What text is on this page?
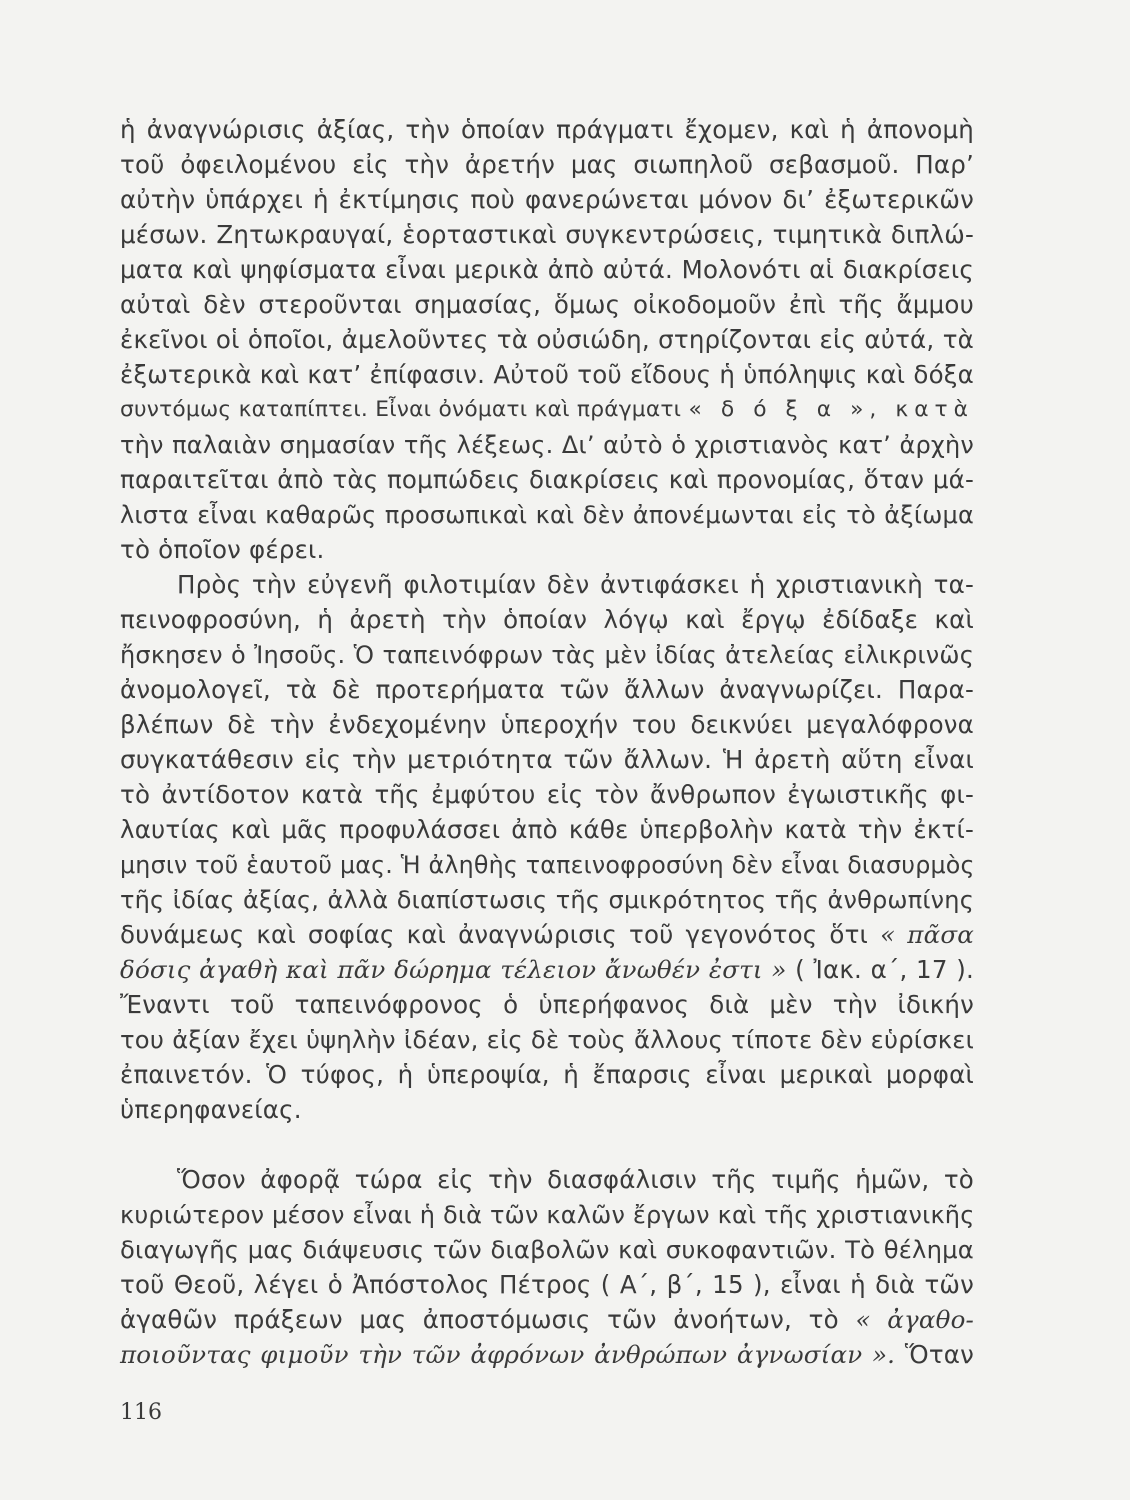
ἡ ἀναγνώρισις ἀξίας, τὴν ὁποίαν πράγματι ἔχομεν, καὶ ἡ ἀπονομὴ
τοῦ ὀφειλομένου εἰς τὴν ἀρετήν μας σιωπηλοῦ σεβασμοῦ. Παρ’
αὐτὴν ὑπάρχει ἡ ἐκτίμησις ποὺ φανερώνεται μόνον δι’ ἐξωτερικῶν
μέσων. Ζητωκραυγαί, ἑορταστικαὶ συγκεντρώσεις, τιμητικὰ διπλώ-
ματα καὶ ψηφίσματα εἶναι μερικὰ ἀπὸ αὐτά. Μολονότι αἱ διακρίσεις
αὐταὶ δὲν στεροῦνται σημασίας, ὅμως οἰκοδομοῦν ἐπὶ τῆς ἄμμου
ἐκεῖνοι οἱ ὁποῖοι, ἀμελοῦντες τὰ οὐσιώδη, στηρίζονται εἰς αὐτά, τὰ
ἐξωτερικὰ καὶ κατ’ ἐπίφασιν. Αὐτοῦ τοῦ εἴδους ἡ ὑπόληψις καὶ δόξα
συντόμως καταπίπτει. Εἶναι ὀνόματι καὶ πράγματι « δ ό ξ α », κατὰ
τὴν παλαιὰν σημασίαν τῆς λέξεως. Δι’ αὐτὸ ὁ χριστιανὸς κατ’ ἀρχὴν
παραιτεῖται ἀπὸ τὰς πομπώδεις διακρίσεις καὶ προνομίας, ὅταν μά-
λιστα εἶναι καθαρῶς προσωπικαὶ καὶ δὲν ἀπονέμωνται εἰς τὸ ἀξίωμα
τὸ ὁποῖον φέρει.
Πρὸς τὴν εὐγενῆ φιλοτιμίαν δὲν ἀντιφάσκει ἡ χριστιανικὴ τα-
πεινοφροσύνη, ἡ ἀρετὴ τὴν ὁποίαν λόγῳ καὶ ἔργῳ ἐδίδαξε καὶ
ἤσκησεν ὁ Ἰησοῦς. Ὁ ταπεινόφρων τὰς μὲν ἰδίας ἀτελείας εἰλικρινῶς
ἀνομολογεῖ, τὰ δὲ προτερήματα τῶν ἄλλων ἀναγνωρίζει. Παρα-
βλέπων δὲ τὴν ἐνδεχομένην ὑπεροχήν του δεικνύει μεγαλόφρονα
συγκατάθεσιν εἰς τὴν μετριότητα τῶν ἄλλων. Ἡ ἀρετὴ αὕτη εἶναι
τὸ ἀντίδοτον κατὰ τῆς ἐμφύτου εἰς τὸν ἄνθρωπον ἐγωιστικῆς φι-
λαυτίας καὶ μᾶς προφυλάσσει ἀπὸ κάθε ὑπερβολὴν κατὰ τὴν ἐκτί-
μησιν τοῦ ἑαυτοῦ μας. Ἡ ἀληθὴς ταπεινοφροσύνη δὲν εἶναι διασυρμὸς
τῆς ἰδίας ἀξίας, ἀλλὰ διαπίστωσις τῆς σμικρότητος τῆς ἀνθρωπίνης
δυνάμεως καὶ σοφίας καὶ ἀναγνώρισις τοῦ γεγονότος ὅτι « πᾶσα
δόσις ἀγαθὴ καὶ πᾶν δώρημα τέλειον ἄνωθέν ἐστι » ( Ἰακ. α΄, 17 ).
Ἔναντι τοῦ ταπεινόφρονος ὁ ὑπερήφανος διὰ μὲν τὴν ἰδικήν
του ἀξίαν ἔχει ὑψηλὴν ἰδέαν, εἰς δὲ τοὺς ἄλλους τίποτε δὲν εὑρίσκει
ἐπαινετόν. Ὁ τύφος, ἡ ὑπεροψία, ἡ ἔπαρσις εἶναι μερικαὶ μορφαὶ
ὑπερηφανείας.
Ὅσον ἀφορᾷ τώρα εἰς τὴν διασφάλισιν τῆς τιμῆς ἡμῶν, τὸ
κυριώτερον μέσον εἶναι ἡ διὰ τῶν καλῶν ἔργων καὶ τῆς χριστιανικῆς
διαγωγῆς μας διάψευσις τῶν διαβολῶν καὶ συκοφαντιῶν. Τὸ θέλημα
τοῦ Θεοῦ, λέγει ὁ Ἀπόστολος Πέτρος ( Α΄, β΄, 15 ), εἶναι ἡ διὰ τῶν
ἀγαθῶν πράξεων μας ἀποστόμωσις τῶν ἀνοήτων, τὸ « ἀγαθο-
ποιοῦντας φιμοῦν τὴν τῶν ἀφρόνων ἀνθρώπων ἀγνωσίαν ». Ὅταν
116
